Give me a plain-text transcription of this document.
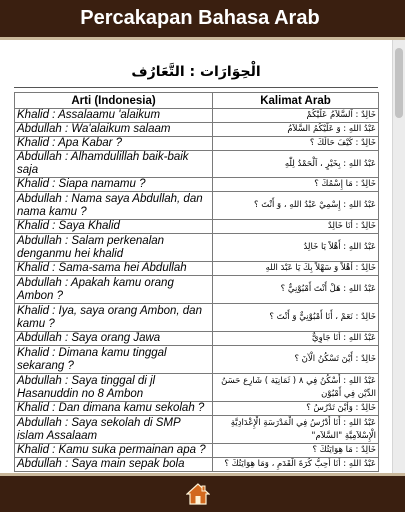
Percakapan Bahasa Arab
الْحِوَارَات : التَّعَارُف
Arti (Indonesia)	Kalimat Arab
Khalid : Assalaamu 'alaikum	خَالِدٌ : اَلسَّلاَمُ عَلَيْكُمْ
Abdullah : Wa'alaikum salaam	عَبْدُ اللهِ : وَ عَلَيْكُمُ السَّلاَمُ
Khalid : Apa Kabar ?	خَالِدٌ : كَيْفَ حَالُكَ ؟
Abdullah : Alhamdulillah baik-baik saja	عَبْدُ اللهِ : بِخَيْرٍ ، اَلْحَمْدُ لِلّٰهِ
Khalid : Siapa namamu ?	خَالِدٌ : مَا إِسْمُكَ ؟
Abdullah : Nama saya Abdullah, dan nama kamu ?	عَبْدُ اللهِ : إِسْمِيْ عَبْدُ اللهِ ، وَ أَنْتَ ؟
Khalid : Saya Khalid	خَالِدٌ : أَنَا خَالِدٌ
Abdullah : Salam perkenalan denganmu hei khalid	عَبْدُ اللهِ : أَهْلاً يَا خَالِدُ
Khalid : Sama-sama hei Abdullah	خَالِدٌ : أَهْلاً وَ سَهْلاً بِكَ يَا عَبْدَ اللهِ
Abdullah : Apakah kamu orang Ambon ?	عَبْدُ اللهِ : هَلْ أَنْتَ أَمْبُوْنِيٌّ ؟
Khalid : Iya, saya orang Ambon, dan kamu ?	خَالِدٌ : نَعَمْ ، أَنَا أَمْبُوْنِيٌّ وَ أَنْتَ ؟
Abdullah : Saya orang Jawa	عَبْدُ اللهِ : أَنَا جَاوِيٌّ
Khalid : Dimana kamu tinggal sekarang ?	خَالِدٌ : أَيْنَ تَسْكُنُ الْآنَ ؟
Abdullah : Saya tinggal di jl Hasanuddin no 8 Ambon	عَبْدُ اللهِ : أَسْكُنُ فِي ٨ ( ثَمَانِيَة ) شَارِع حَسَنُ الدِّيْن فِي أَمْبُوْن
Khalid : Dan dimana kamu sekolah ?	خَالِدٌ : وَأَيْنَ تَدْرُسُ ؟
Abdullah : Saya sekolah di SMP islam Assalaam	عَبْدُ اللهِ : أَنَا أَدْرُسُ فِي الْمَدْرَسَةِ الْإِعْدَادِيَّةِ الْإِسْلاَمِيَّةِ "السَّلاَم"
Khalid : Kamu suka permainan apa ?	خَالِدٌ : مَا هِوَايَتُكَ ؟
Abdullah : Saya main sepak bola	عَبْدُ اللهِ : أَنَا أُحِبُّ كُرَةَ الْقَدَمِ ، وَمَا هِوَايَتُكَ ؟
